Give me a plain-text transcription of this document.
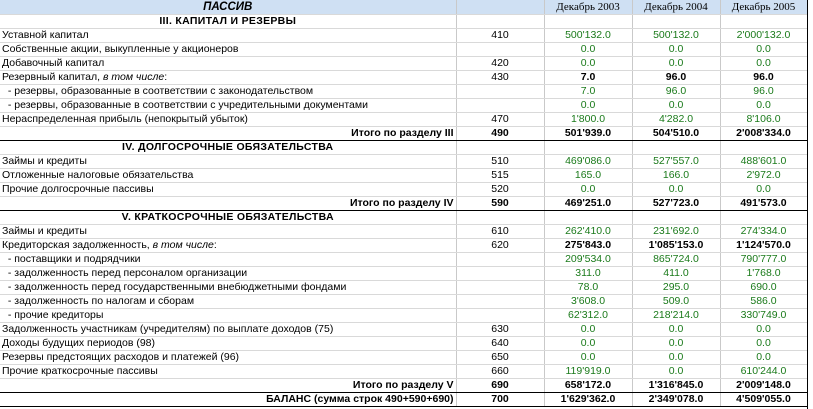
ПАССИВ		Декабрь 2003	Декабрь 2004	Декабрь 2005
III. КАПИТАЛ И РЕЗЕРВЫ				
Уставной капитал	410	500'132.0	500'132.0	2'000'132.0
Собственные акции, выкупленные у акционеров		0.0	0.0	0.0
Добавочный капитал	420	0.0	0.0	0.0
Резервный капитал, в том числе:	430	7.0	96.0	96.0
- резервы, образованные в соответствии с законодательством		7.0	96.0	96.0
- резервы, образованные в соответствии с учредительными документами		0.0	0.0	0.0
Нераспределенная прибыль (непокрытый убыток)	470	1'800.0	4'282.0	8'106.0
Итого по разделу III	490	501'939.0	504'510.0	2'008'334.0
IV. ДОЛГОСРОЧНЫЕ ОБЯЗАТЕЛЬСТВА				
Займы и кредиты	510	469'086.0	527'557.0	488'601.0
Отложенные налоговые обязательства	515	165.0	166.0	2'972.0
Прочие долгосрочные пассивы	520	0.0	0.0	0.0
Итого по разделу IV	590	469'251.0	527'723.0	491'573.0
V. КРАТКОСРОЧНЫЕ ОБЯЗАТЕЛЬСТВА				
Займы и кредиты	610	262'410.0	231'692.0	274'334.0
Кредиторская задолженность, в том числе:	620	275'843.0	1'085'153.0	1'124'570.0
- поставщики и подрядчики		209'534.0	865'724.0	790'777.0
- задолженность перед персоналом организации		311.0	411.0	1'768.0
- задолженность перед государственными внебюджетными фондами		78.0	295.0	690.0
- задолженность по налогам и сборам		3'608.0	509.0	586.0
- прочие кредиторы		62'312.0	218'214.0	330'749.0
Задолженность участникам (учредителям) по выплате доходов (75)	630	0.0	0.0	0.0
Доходы будущих периодов (98)	640	0.0	0.0	0.0
Резервы предстоящих расходов и платежей (96)	650	0.0	0.0	0.0
Прочие краткосрочные пассивы	660	119'919.0	0.0	610'244.0
Итого по разделу V	690	658'172.0	1'316'845.0	2'009'148.0
БАЛАНС (сумма строк 490+590+690)	700	1'629'362.0	2'349'078.0	4'509'055.0
